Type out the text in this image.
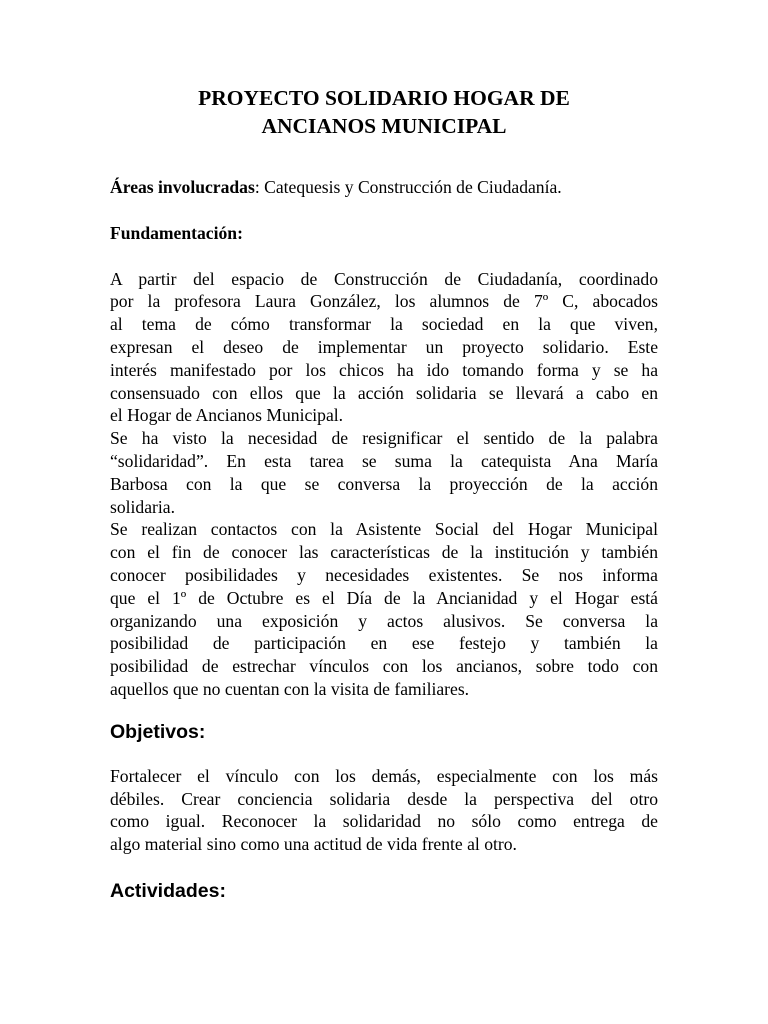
PROYECTO SOLIDARIO HOGAR DE
ANCIANOS MUNICIPAL

Áreas involucradas: Catequesis y Construcción de Ciudadanía.

Fundamentación:

A partir del espacio de Construcción de Ciudadanía, coordinado
por la profesora Laura González, los alumnos de 7º C, abocados
al tema de cómo transformar la sociedad en la que viven,
expresan el deseo de implementar un proyecto solidario. Este
interés manifestado por los chicos ha ido tomando forma y se ha
consensuado con ellos que la acción solidaria se llevará a cabo en
el Hogar de Ancianos Municipal.
Se ha visto la necesidad de resignificar el sentido de la palabra
“solidaridad”. En esta tarea se suma la catequista Ana María
Barbosa con la que se conversa la proyección de la acción
solidaria.
Se realizan contactos con la Asistente Social del Hogar Municipal
con el fin de conocer las características de la institución y también
conocer posibilidades y necesidades existentes. Se nos informa
que el 1º de Octubre es el Día de la Ancianidad y el Hogar está
organizando una exposición y actos alusivos. Se conversa la
posibilidad de participación en ese festejo y también la
posibilidad de estrechar vínculos con los ancianos, sobre todo con
aquellos que no cuentan con la visita de familiares.

Objetivos:

Fortalecer el vínculo con los demás, especialmente con los más
débiles. Crear conciencia solidaria desde la perspectiva del otro
como igual. Reconocer la solidaridad no sólo como entrega de
algo material sino como una actitud de vida frente al otro.

Actividades:
